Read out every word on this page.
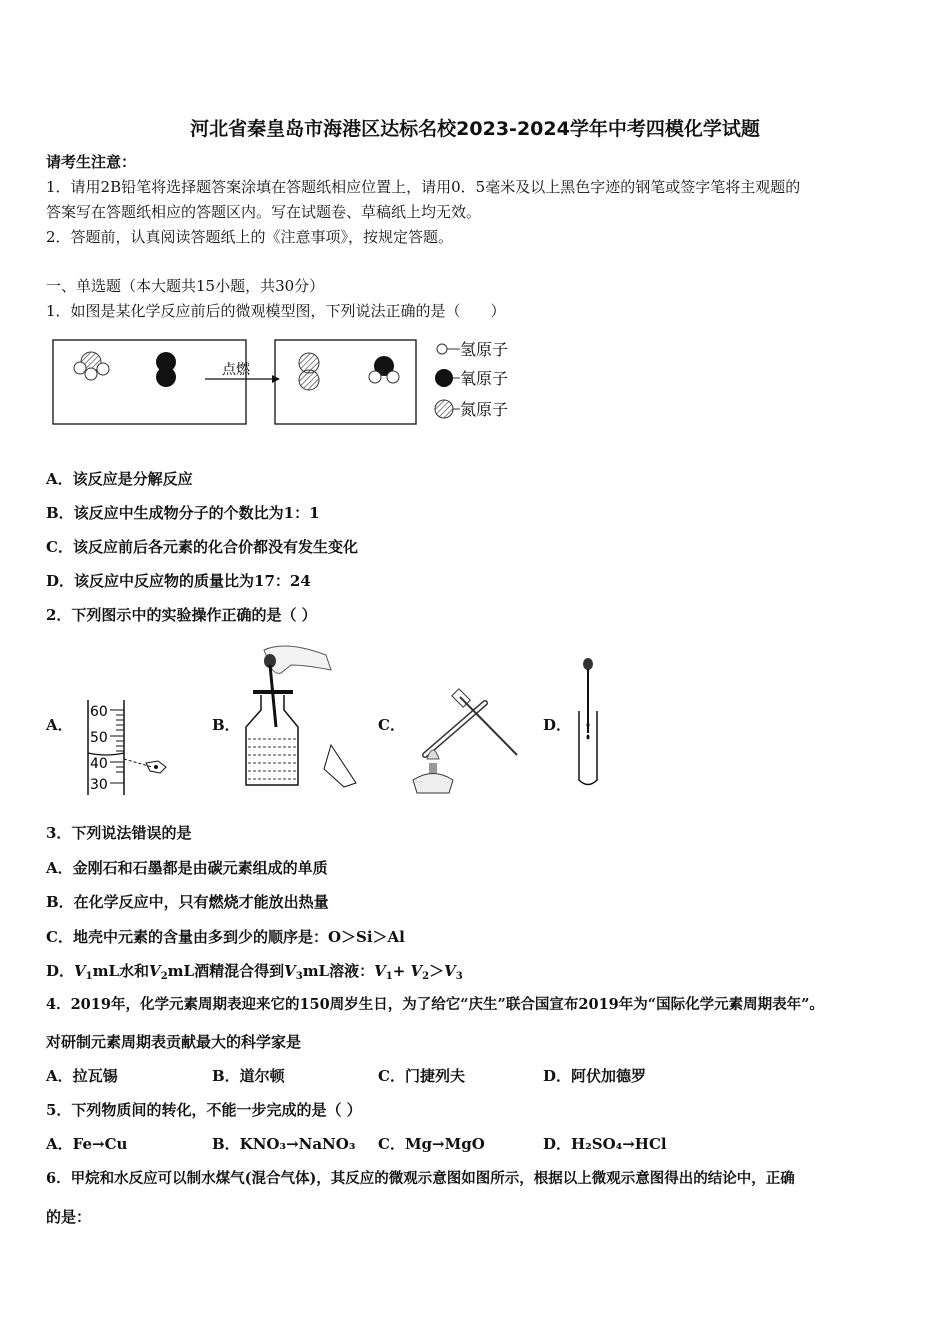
河北省秦皇岛市海港区达标名校2023-2024学年中考四模化学试题
请考生注意：
1．请用2B铅笔将选择题答案涂填在答题纸相应位置上，请用0．5毫米及以上黑色字迹的钢笔或签字笔将主观题的
答案写在答题纸相应的答题区内。写在试题卷、草稿纸上均无效。
2．答题前，认真阅读答题纸上的《注意事项》，按规定答题。
一、单选题（本大题共15小题，共30分）
1．如图是某化学反应前后的微观模型图，下列说法正确的是（　　）
点燃
氢原子
氧原子
氮原子
A．该反应是分解反应
B．该反应中生成物分子的个数比为1：1
C．该反应前后各元素的化合价都没有发生变化
D．该反应中反应物的质量比为17：24
2．下列图示中的实验操作正确的是（ ）
A．
60
50
40
30
B．	C．	D．
3．下列说法错误的是
A．金刚石和石墨都是由碳元素组成的单质
B．在化学反应中，只有燃烧才能放出热量
C．地壳中元素的含量由多到少的顺序是：O＞Si＞Al
D．$V_1mL$水和$V_2mL$酒精混合得到$V_3mL$溶液：$V_1+ V_2>V_3$
4．2019年，化学元素周期表迎来它的150周岁生日，为了给它“庆生”联合国宣布2019年为“国际化学元素周期表年”。
对研制元素周期表贡献最大的科学家是
A．拉瓦锡	B．道尔顿	C．门捷列夫	D．阿伏加德罗
5．下列物质间的转化，不能一步完成的是（ ）
A．Fe→Cu	B．KNO₃→NaNO₃ C．Mg→MgO	D．H₂SO₄→HCl
6．甲烷和水反应可以制水煤气(混合气体)，其反应的微观示意图如图所示，根据以上微观示意图得出的结论中，正确
的是：
